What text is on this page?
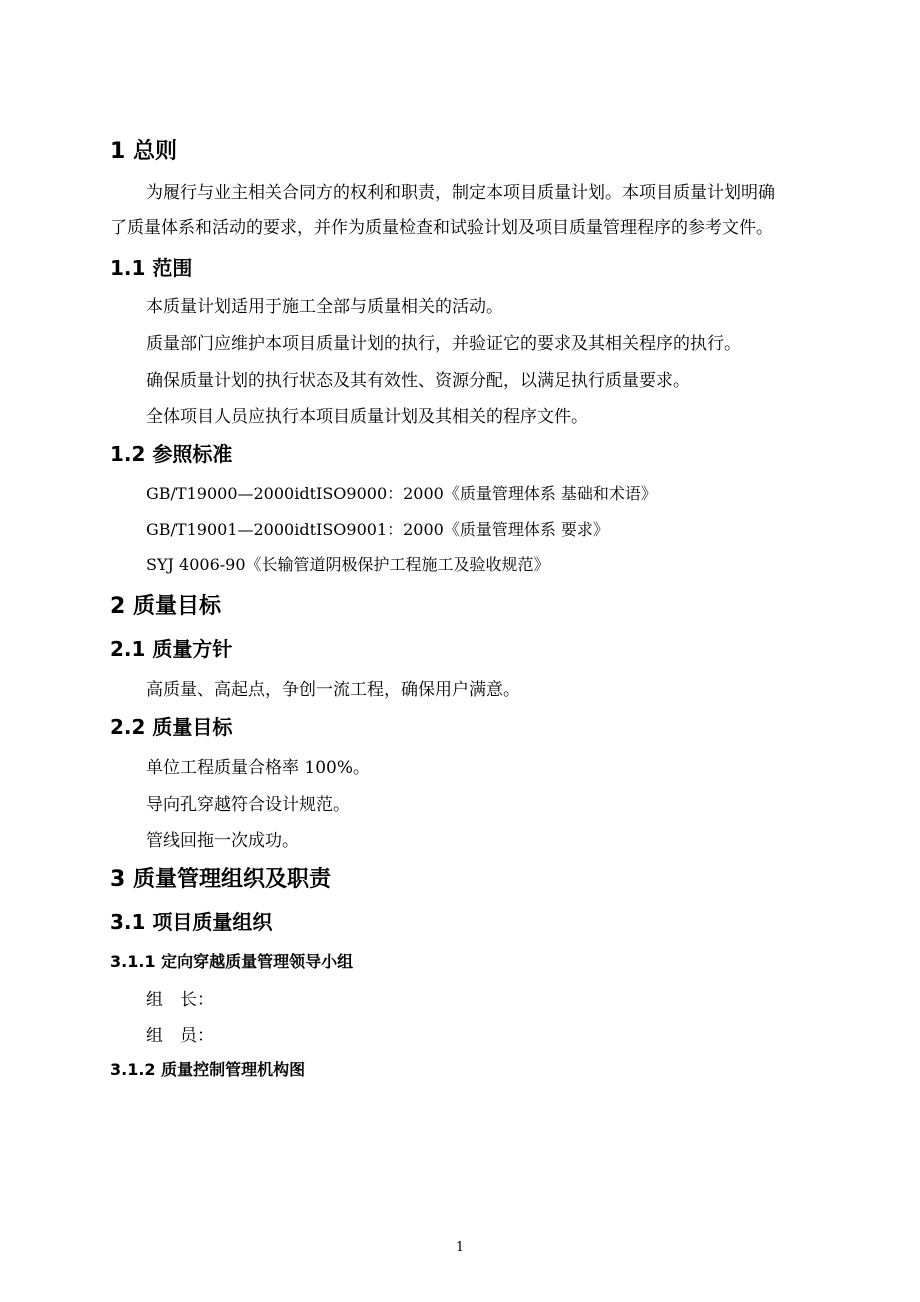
1 总则
为履行与业主相关合同方的权利和职责，制定本项目质量计划。本项目质量计划明确
了质量体系和活动的要求，并作为质量检查和试验计划及项目质量管理程序的参考文件。
1.1 范围
本质量计划适用于施工全部与质量相关的活动。
质量部门应维护本项目质量计划的执行，并验证它的要求及其相关程序的执行。
确保质量计划的执行状态及其有效性、资源分配，以满足执行质量要求。
全体项目人员应执行本项目质量计划及其相关的程序文件。
1.2 参照标准
GB/T19000—2000idtISO9000：2000《质量管理体系 基础和术语》
GB/T19001—2000idtISO9001：2000《质量管理体系 要求》
SYJ 4006-90《长输管道阴极保护工程施工及验收规范》
2 质量目标
2.1 质量方针
高质量、高起点，争创一流工程，确保用户满意。
2.2 质量目标
单位工程质量合格率 100%。
导向孔穿越符合设计规范。
管线回拖一次成功。
3 质量管理组织及职责
3.1 项目质量组织
3.1.1 定向穿越质量管理领导小组
组　长：
组　员：
3.1.2 质量控制管理机构图
1
